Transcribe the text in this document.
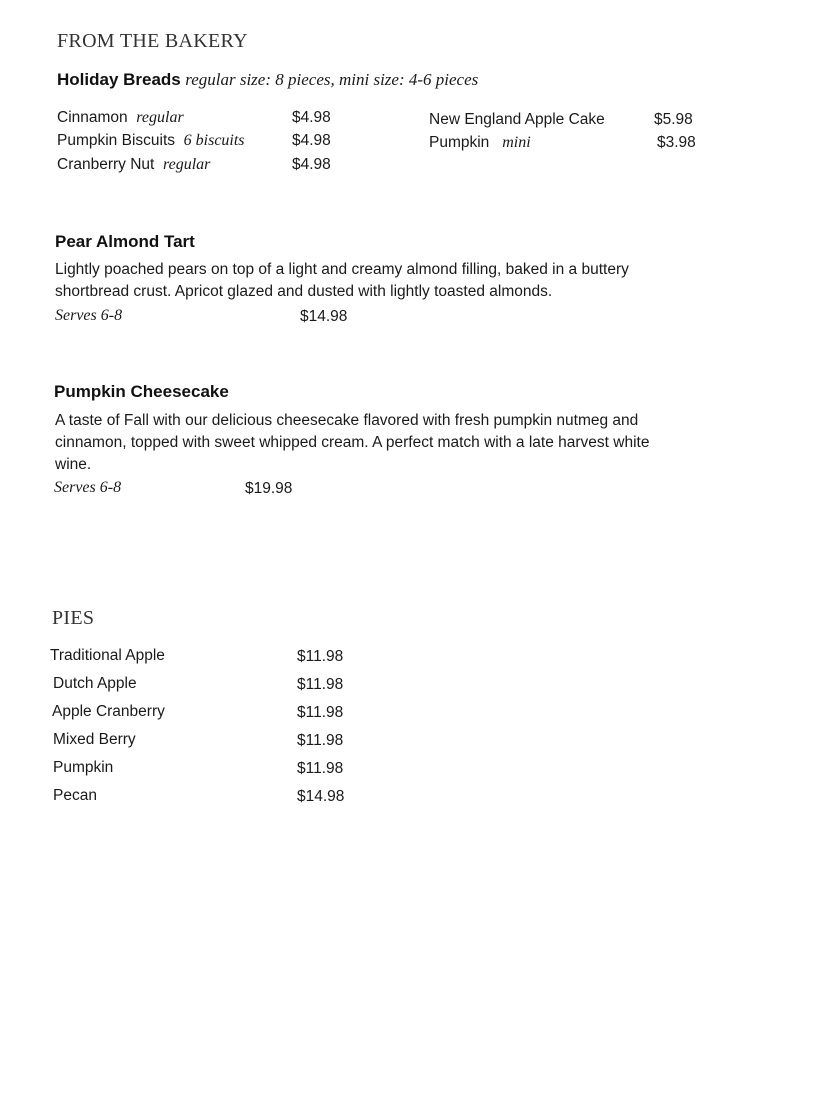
FROM THE BAKERY
Holiday Breads regular size: 8 pieces, mini size: 4-6 pieces
Cinnamon regular	$4.98
Pumpkin Biscuits 6 biscuits	$4.98
Cranberry Nut regular	$4.98
New England Apple Cake	$5.98
Pumpkin mini	$3.98
Pear Almond Tart
Lightly poached pears on top of a light and creamy almond filling, baked in a buttery shortbread crust. Apricot glazed and dusted with lightly toasted almonds.
Serves 6-8	$14.98
Pumpkin Cheesecake
A taste of Fall with our delicious cheesecake flavored with fresh pumpkin nutmeg and cinnamon, topped with sweet whipped cream. A perfect match with a late harvest white wine.
Serves 6-8	$19.98
PIES
Traditional Apple	$11.98
Dutch Apple	$11.98
Apple Cranberry	$11.98
Mixed Berry	$11.98
Pumpkin	$11.98
Pecan	$14.98
